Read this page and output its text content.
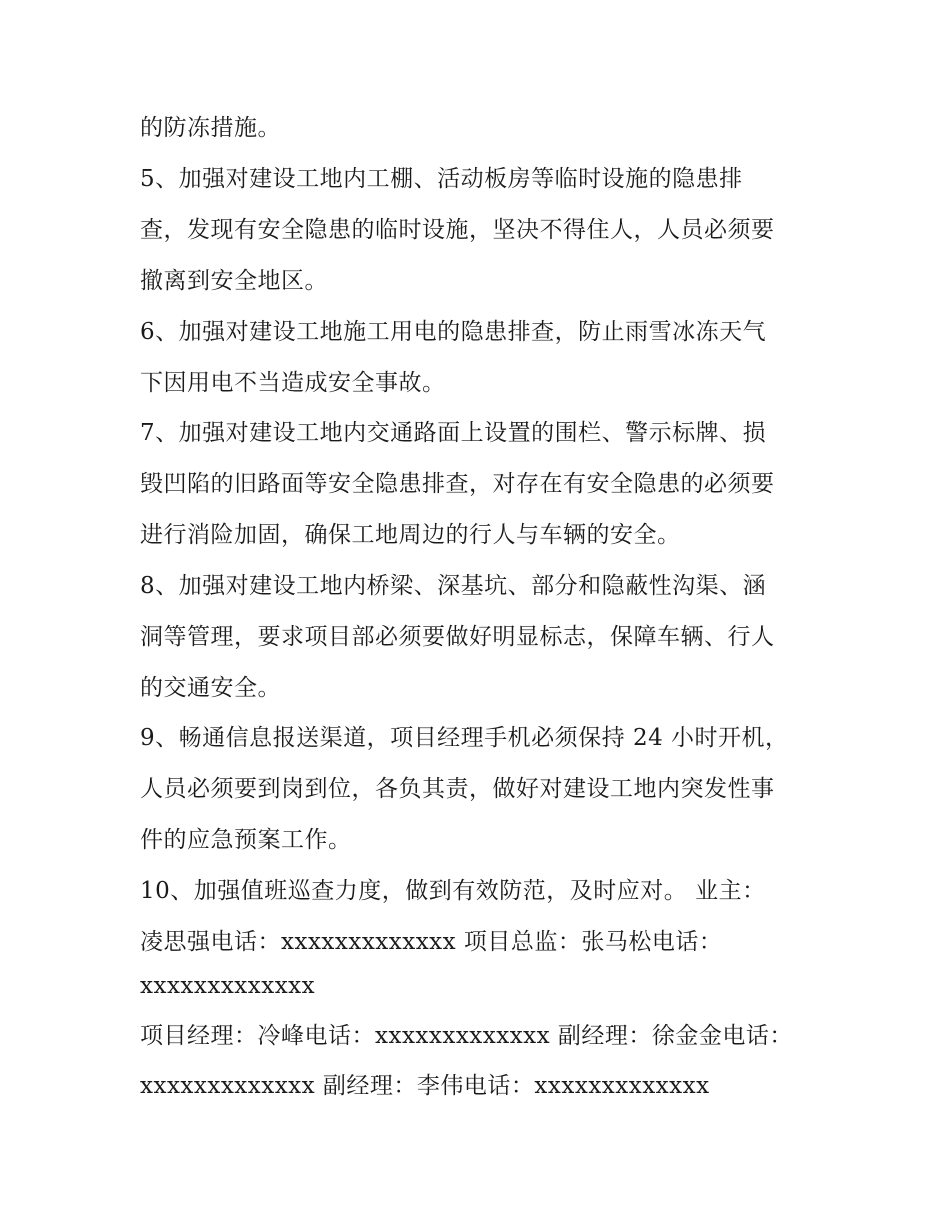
的防冻措施。
5、加强对建设工地内工棚、活动板房等临时设施的隐患排
查，发现有安全隐患的临时设施，坚决不得住人，人员必须要
撤离到安全地区。
6、加强对建设工地施工用电的隐患排查，防止雨雪冰冻天气
下因用电不当造成安全事故。
7、加强对建设工地内交通路面上设置的围栏、警示标牌、损
毁凹陷的旧路面等安全隐患排查，对存在有安全隐患的必须要
进行消险加固，确保工地周边的行人与车辆的安全。
8、加强对建设工地内桥梁、深基坑、部分和隐蔽性沟渠、涵
洞等管理，要求项目部必须要做好明显标志，保障车辆、行人
的交通安全。
9、畅通信息报送渠道，项目经理手机必须保持 24 小时开机，
人员必须要到岗到位，各负其责，做好对建设工地内突发性事
件的应急预案工作。
10、加强值班巡查力度，做到有效防范，及时应对。 业主：
凌思强电话：xxxxxxxxxxxxx 项目总监：张马松电话：
xxxxxxxxxxxxx
项目经理：冷峰电话：xxxxxxxxxxxxx 副经理：徐金金电话：
xxxxxxxxxxxxx 副经理：李伟电话：xxxxxxxxxxxxx
